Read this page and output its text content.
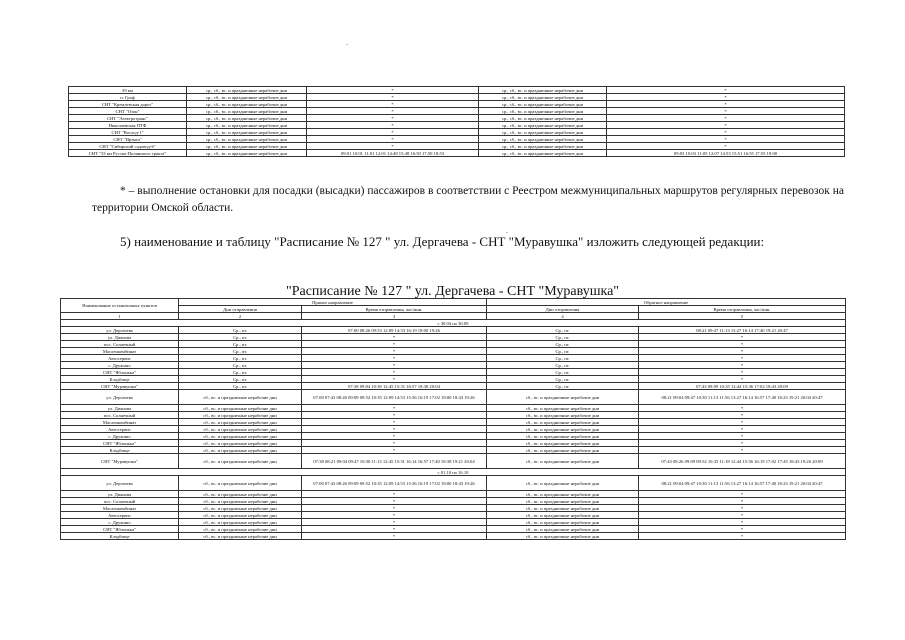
.
.
39 км	ср., сб., вс. и праздничные нерабочие дни	*	ср., сб., вс. и праздничные нерабочие дни	*
п. Граф	ср., сб., вс. и праздничные нерабочие дни	*	ср., сб., вс. и праздничные нерабочие дни	*
СНТ "Кремлевская дорог"	ср., сб., вс. и праздничные нерабочие дни	*	ср., сб., вс. и праздничные нерабочие дни	*
СНТ "Озон"	ср., сб., вс. и праздничные нерабочие дни	*	ср., сб., вс. и праздничные нерабочие дни	*
СНТ "Электротранс"	ср., сб., вс. и праздничные нерабочие дни	*	ср., сб., вс. и праздничные нерабочие дни	*
Николаевская ПТФ	ср., сб., вс. и праздничные нерабочие дни	*	ср., сб., вс. и праздничные нерабочие дни	*
СНТ "Восход-1"	ср., сб., вс. и праздничные нерабочие дни	*	ср., сб., вс. и праздничные нерабочие дни	*
СНТ "Иртыш"	ср., сб., вс. и праздничные нерабочие дни	*	ср., сб., вс. и праздничные нерабочие дни	*
СНТ "Сибирский садовод-6"	ср., сб., вс. и праздничные нерабочие дни	*	ср., сб., вс. и праздничные нерабочие дни	*
СНТ "33 км Русско-Полянского тракта"	ср., сб., вс. и праздничные нерабочие дни	09:01 10:01 11:01 12:01 14:48 15:48 16:50 17:50 18:53	ср., сб., вс. и праздничные нерабочие дни	09:03 10:03 11:05 12:07 14:53 15:51 16:55 17:55 19:00
* – выполнение остановки для посадки (высадки) пассажиров в соответствии с Реестром межмуниципальных маршрутов регулярных перевозок на территории Омской области.
5) наименование и таблицу "Расписание № 127 " ул. Дергачева - СНТ "Муравушка" изложить следующей редакции:
"Расписание № 127 " ул. Дергачева - СНТ "Муравушка"
Наименование остановочных пунктов	Прямое направление		Обратное направление	
	Дни отправления	Время отправления, час/мин.	Дни отправления	Время отправления, час/мин.
1	2	3	4	5
с 30.04 по 30.09				
ул. Дергачева	Ср., пт.	07:00 08:26 09:53 12:09 14:53 16:19 18:00 19:26	Ср., пт.	08:21 09:47 11:13 13:27 16:14 17:40 19:21 20:47
ул. Дианова	Ср., пт.	*	Ср., пт.	*
пос. Солнечный	Ср., пт.	*	Ср., пт.	*
Масленкомбинат	Ср., пт.	*	Ср., пт.	*
Автосервис	Ср., пт.	*	Ср., пт.	*
с. Дружино	Ср., пт.	*	Ср., пт.	*
СНТ "Яблонька"	Ср., пт.	*	Ср., пт.	*
Кладбище	Ср., пт.	*	Ср., пт.	*
СНТ "Муравушка"	Ср., пт.	07:38 09:04 10:30 12:45 15:31 16:57 18:38 20:04	Ср., пт.	07:43 09:09 10:35 12:44 15:36 17:02 18:43 20:09
ул. Дергачева	сб., вс. и праздничные нерабочие дни	07:00 07:43 08:26 09:09 09:52 10:35 12:09 14:53 15:36 16:19 17:02 18:00 18:43 19:26	сб., вс. и праздничные нерабочие дни	08:21 09:04 09:47 10:30 11:13 11:56 13:27 16:14 16:57 17:40 18:23 19:21 20:04 20:47
ул. Дианова	сб., вс. и праздничные нерабочие дни	*	сб., вс. и праздничные нерабочие дни	*
пос. Солнечный	сб., вс. и праздничные нерабочие дни	*	сб., вс. и праздничные нерабочие дни	*
Масленкомбинат	сб., вс. и праздничные нерабочие дни	*	сб., вс. и праздничные нерабочие дни	*
Автосервис	сб., вс. и праздничные нерабочие дни	*	сб., вс. и праздничные нерабочие дни	*
с. Дружино	сб., вс. и праздничные нерабочие дни	*	сб., вс. и праздничные нерабочие дни	*
СНТ "Яблонька"	сб., вс. и праздничные нерабочие дни	*	сб., вс. и праздничные нерабочие дни	*
Кладбище	сб., вс. и праздничные нерабочие дни	*	сб., вс. и праздничные нерабочие дни	*
СНТ "Муравушка"	сб., вс. и праздничные нерабочие дни	07:38 08:21 09:04 09:47 10:30 11:13 12:45 15:31 16:14 16:57 17:40 18:38 19:21 20:04	сб., вс. и праздничные нерабочие дни	07:43 08:26 09:09 09:52 10:35 11:18 12:44 15:36 16:19 17:02 17:45 18:43 19:26 20:09
с 01.10 по 16.10				
ул. Дергачева	сб., вс. и праздничные нерабочие дни	07:00 07:43 08:26 09:09 09:52 10:35 12:09 14:53 15:36 16:19 17:02 18:00 18:43 19:26	сб., вс. и праздничные нерабочие дни	08:21 09:04 09:47 10:30 11:13 11:56 13:27 16:14 16:57 17:40 18:23 19:21 20:04 20:47
ул. Дианова	сб., вс. и праздничные нерабочие дни	*	сб., вс. и праздничные нерабочие дни	*
пос. Солнечный	сб., вс. и праздничные нерабочие дни	*	сб., вс. и праздничные нерабочие дни	*
Масленкомбинат	сб., вс. и праздничные нерабочие дни	*	сб., вс. и праздничные нерабочие дни	*
Автосервис	сб., вс. и праздничные нерабочие дни	*	сб., вс. и праздничные нерабочие дни	*
с. Дружино	сб., вс. и праздничные нерабочие дни	*	сб., вс. и праздничные нерабочие дни	*
СНТ "Яблонька"	сб., вс. и праздничные нерабочие дни	*	сб., вс. и праздничные нерабочие дни	*
Кладбище	сб., вс. и праздничные нерабочие дни	*	сб., вс. и праздничные нерабочие дни	*
